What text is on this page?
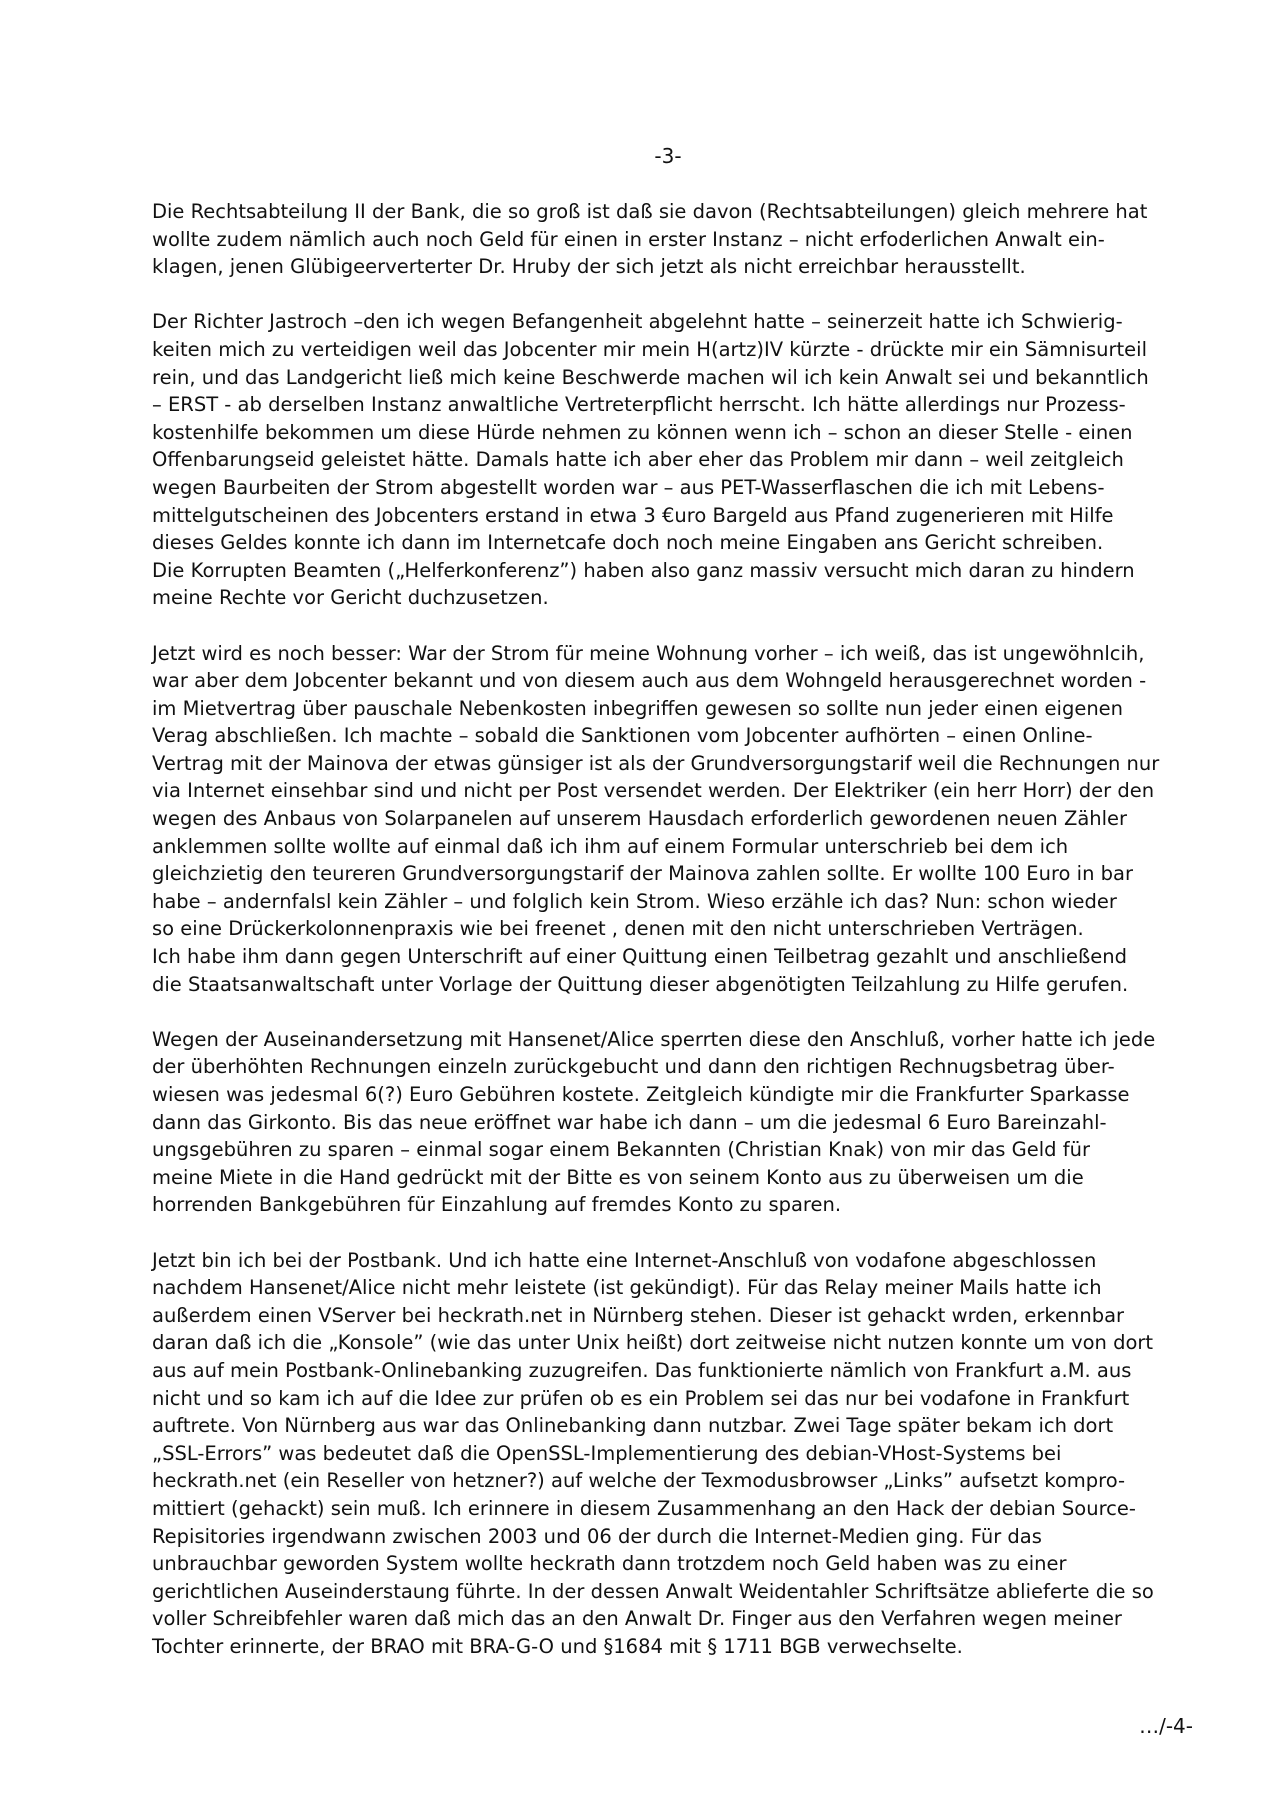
-3-

Die Rechtsabteilung II der Bank, die so groß ist daß sie davon (Rechtsabteilungen) gleich mehrere hat
wollte zudem nämlich auch noch Geld für einen in erster Instanz – nicht erfoderlichen Anwalt ein-
klagen, jenen Glübigeerverterter Dr. Hruby der sich jetzt als nicht erreichbar herausstellt.

Der Richter Jastroch –den ich wegen Befangenheit abgelehnt hatte – seinerzeit hatte ich Schwierig-
keiten mich zu verteidigen weil das Jobcenter mir mein H(artz)IV kürzte - drückte mir ein Sämnisurteil
rein, und das Landgericht ließ mich keine Beschwerde machen wil ich kein Anwalt sei und bekanntlich
– ERST - ab derselben Instanz anwaltliche Vertreterpflicht herrscht. Ich hätte allerdings nur Prozess-
kostenhilfe bekommen um diese Hürde nehmen zu können wenn ich – schon an dieser Stelle - einen
Offenbarungseid geleistet hätte. Damals hatte ich aber eher das Problem mir dann – weil zeitgleich
wegen Baurbeiten der Strom abgestellt worden war – aus PET-Wasserflaschen die ich mit Lebens-
mittelgutscheinen des Jobcenters erstand in etwa 3 €uro Bargeld aus Pfand zugenerieren mit Hilfe
dieses Geldes konnte ich dann im Internetcafe doch noch meine Eingaben ans Gericht schreiben.
Die Korrupten Beamten („Helferkonferenz”) haben also ganz massiv versucht mich daran zu hindern
meine Rechte vor Gericht duchzusetzen.

Jetzt wird es noch besser: War der Strom für meine Wohnung vorher – ich weiß, das ist ungewöhnlcih,
war aber dem Jobcenter bekannt und von diesem auch aus dem Wohngeld herausgerechnet worden -
im Mietvertrag über pauschale Nebenkosten inbegriffen gewesen so sollte nun jeder einen eigenen
Verag abschließen. Ich machte – sobald die Sanktionen vom Jobcenter aufhörten – einen Online-
Vertrag mit der Mainova der etwas günsiger ist als der Grundversorgungstarif weil die Rechnungen nur
via Internet einsehbar sind und nicht per Post versendet werden. Der Elektriker (ein herr Horr) der den
wegen des Anbaus von Solarpanelen auf unserem Hausdach erforderlich gewordenen neuen Zähler
anklemmen sollte wollte auf einmal daß ich ihm auf einem Formular unterschrieb bei dem ich
gleichzietig den teureren Grundversorgungstarif der Mainova zahlen sollte. Er wollte 100 Euro in bar
habe – andernfalsl kein Zähler – und folglich kein Strom. Wieso erzähle ich das? Nun: schon wieder
so eine Drückerkolonnenpraxis wie bei freenet , denen mit den nicht unterschrieben Verträgen.
Ich habe ihm dann gegen Unterschrift auf einer Quittung einen Teilbetrag gezahlt und anschließend
die Staatsanwaltschaft unter Vorlage der Quittung dieser abgenötigten Teilzahlung zu Hilfe gerufen.

Wegen der Auseinandersetzung mit Hansenet/Alice sperrten diese den Anschluß, vorher hatte ich jede
der überhöhten Rechnungen einzeln zurückgebucht und dann den richtigen Rechnugsbetrag über-
wiesen was jedesmal 6(?) Euro Gebühren kostete. Zeitgleich kündigte mir die Frankfurter Sparkasse
dann das Girkonto. Bis das neue eröffnet war habe ich dann – um die jedesmal 6 Euro Bareinzahl-
ungsgebühren zu sparen – einmal sogar einem Bekannten (Christian Knak) von mir das Geld für
meine Miete in die Hand gedrückt mit der Bitte es von seinem Konto aus zu überweisen um die
horrenden Bankgebühren für Einzahlung auf fremdes Konto zu sparen.

Jetzt bin ich bei der Postbank. Und ich hatte eine Internet-Anschluß von vodafone abgeschlossen
nachdem Hansenet/Alice nicht mehr leistete (ist gekündigt). Für das Relay meiner Mails hatte ich
außerdem einen VServer bei heckrath.net in Nürnberg stehen. Dieser ist gehackt wrden, erkennbar
daran daß ich die „Konsole” (wie das unter Unix heißt) dort zeitweise nicht nutzen konnte um von dort
aus auf mein Postbank-Onlinebanking zuzugreifen. Das funktionierte nämlich von Frankfurt a.M. aus
nicht und so kam ich auf die Idee zur prüfen ob es ein Problem sei das nur bei vodafone in Frankfurt
auftrete. Von Nürnberg aus war das Onlinebanking dann nutzbar. Zwei Tage später bekam ich dort
„SSL-Errors” was bedeutet daß die OpenSSL-Implementierung des debian-VHost-Systems bei
heckrath.net (ein Reseller von hetzner?) auf welche der Texmodusbrowser „Links” aufsetzt kompro-
mittiert (gehackt) sein muß. Ich erinnere in diesem Zusammenhang an den Hack der debian Source-
Repisitories irgendwann zwischen 2003 und 06 der durch die Internet-Medien ging. Für das
unbrauchbar geworden System wollte heckrath dann trotzdem noch Geld haben was zu einer
gerichtlichen Auseinderstaung führte. In der dessen Anwalt Weidentahler Schriftsätze ablieferte die so
voller Schreibfehler waren daß mich das an den Anwalt Dr. Finger aus den Verfahren wegen meiner
Tochter erinnerte, der BRAO mit BRA-G-O und §1684 mit § 1711 BGB verwechselte.

…/-4-
